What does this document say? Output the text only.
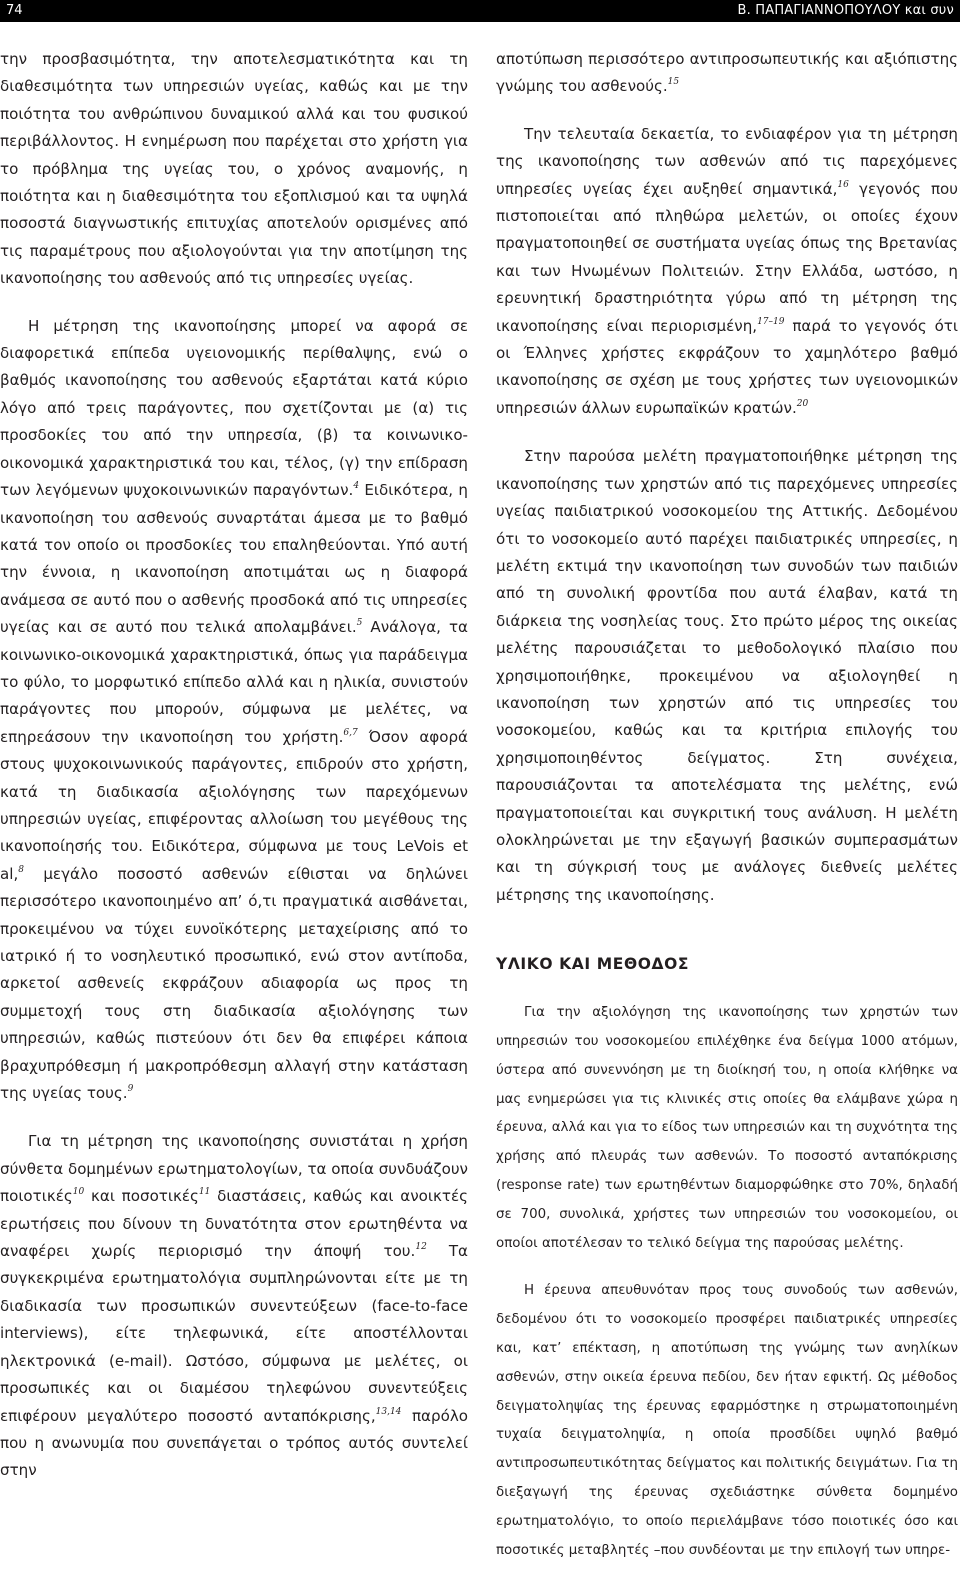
74	Β. ΠΑΠΑΓΙΑΝΝΟΠΟΥΛΟΥ και συν

την προσβασιμότητα, την αποτελεσματικότητα και τη διαθεσιμότητα των υπηρεσιών υγείας, καθώς και με την ποιότητα του ανθρώπινου δυναμικού αλλά και του φυσικού περιβάλλοντος. Η ενημέρωση που παρέχεται στο χρήστη για το πρόβλημα της υγείας του, ο χρόνος αναμονής, η ποιότητα και η διαθεσιμότητα του εξοπλισμού και τα υψηλά ποσοστά διαγνωστικής επιτυχίας αποτελούν ορισμένες από τις παραμέτρους που αξιολογούνται για την αποτίμηση της ικανοποίησης του ασθενούς από τις υπηρεσίες υγείας.

Η μέτρηση της ικανοποίησης μπορεί να αφορά σε διαφορετικά επίπεδα υγειονομικής περίθαλψης, ενώ ο βαθμός ικανοποίησης του ασθενούς εξαρτάται κατά κύριο λόγο από τρεις παράγοντες, που σχετίζονται με (α) τις προσδοκίες του από την υπηρεσία, (β) τα κοινωνικο-οικονομικά χαρακτηριστικά του και, τέλος, (γ) την επίδραση των λεγόμενων ψυχοκοινωνικών παραγόντων.$^4$ Ειδικότερα, η ικανοποίηση του ασθενούς συναρτάται άμεσα με το βαθμό κατά τον οποίο οι προσδοκίες του επαληθεύονται. Υπό αυτή την έννοια, η ικανοποίηση αποτιμάται ως η διαφορά ανάμεσα σε αυτό που ο ασθενής προσδοκά από τις υπηρεσίες υγείας και σε αυτό που τελικά απολαμβάνει.$^5$ Ανάλογα, τα κοινωνικο-οικονομικά χαρακτηριστικά, όπως για παράδειγμα το φύλο, το μορφωτικό επίπεδο αλλά και η ηλικία, συνιστούν παράγοντες που μπορούν, σύμφωνα με μελέτες, να επηρεάσουν την ικανοποίηση του χρήστη.$^{6,7}$ Όσον αφορά στους ψυχοκοινωνικούς παράγοντες, επιδρούν στο χρήστη, κατά τη διαδικασία αξιολόγησης των παρεχόμενων υπηρεσιών υγείας, επιφέροντας αλλοίωση του μεγέθους της ικανοποίησής του. Ειδικότερα, σύμφωνα με τους LeVois et al,$^8$ μεγάλο ποσοστό ασθενών είθισται να δηλώνει περισσότερο ικανοποιημένο απ’ ό,τι πραγματικά αισθάνεται, προκειμένου να τύχει ευνοϊκότερης μεταχείρισης από το ιατρικό ή το νοσηλευτικό προσωπικό, ενώ στον αντίποδα, αρκετοί ασθενείς εκφράζουν αδιαφορία ως προς τη συμμετοχή τους στη διαδικασία αξιολόγησης των υπηρεσιών, καθώς πιστεύουν ότι δεν θα επιφέρει κάποια βραχυπρόθεσμη ή μακροπρόθεσμη αλλαγή στην κατάσταση της υγείας τους.$^9$

Για τη μέτρηση της ικανοποίησης συνιστάται η χρήση σύνθετα δομημένων ερωτηματολογίων, τα οποία συνδυάζουν ποιοτικές$^{10}$ και ποσοτικές$^{11}$ διαστάσεις, καθώς και ανοικτές ερωτήσεις που δίνουν τη δυνατότητα στον ερωτηθέντα να αναφέρει χωρίς περιορισμό την άποψή του.$^{12}$ Τα συγκεκριμένα ερωτηματολόγια συμπληρώνονται είτε με τη διαδικασία των προσωπικών συνεντεύξεων (face-to-face interviews), είτε τηλεφωνικά, είτε αποστέλλονται ηλεκτρονικά (e-mail). Ωστόσο, σύμφωνα με μελέτες, οι προσωπικές και οι διαμέσου τηλεφώνου συνεντεύξεις επιφέρουν μεγαλύτερο ποσοστό ανταπόκρισης,$^{13,14}$ παρόλο που η ανωνυμία που συνεπάγεται ο τρόπος αυτός συντελεί στην

αποτύπωση περισσότερο αντιπροσωπευτικής και αξιόπιστης γνώμης του ασθενούς.$^{15}$

Την τελευταία δεκαετία, το ενδιαφέρον για τη μέτρηση της ικανοποίησης των ασθενών από τις παρεχόμενες υπηρεσίες υγείας έχει αυξηθεί σημαντικά,$^{16}$ γεγονός που πιστοποιείται από πληθώρα μελετών, οι οποίες έχουν πραγματοποιηθεί σε συστήματα υγείας όπως της Βρετανίας και των Ηνωμένων Πολιτειών. Στην Ελλάδα, ωστόσο, η ερευνητική δραστηριότητα γύρω από τη μέτρηση της ικανοποίησης είναι περιορισμένη,$^{17-19}$ παρά το γεγονός ότι οι Έλληνες χρήστες εκφράζουν το χαμηλότερο βαθμό ικανοποίησης σε σχέση με τους χρήστες των υγειονομικών υπηρεσιών άλλων ευρωπαϊκών κρατών.$^{20}$

Στην παρούσα μελέτη πραγματοποιήθηκε μέτρηση της ικανοποίησης των χρηστών από τις παρεχόμενες υπηρεσίες υγείας παιδιατρικού νοσοκομείου της Αττικής. Δεδομένου ότι το νοσοκομείο αυτό παρέχει παιδιατρικές υπηρεσίες, η μελέτη εκτιμά την ικανοποίηση των συνοδών των παιδιών από τη συνολική φροντίδα που αυτά έλαβαν, κατά τη διάρκεια της νοσηλείας τους. Στο πρώτο μέρος της οικείας μελέτης παρουσιάζεται το μεθοδολογικό πλαίσιο που χρησιμοποιήθηκε, προκειμένου να αξιολογηθεί η ικανοποίηση των χρηστών από τις υπηρεσίες του νοσοκομείου, καθώς και τα κριτήρια επιλογής του χρησιμοποιηθέντος δείγματος. Στη συνέχεια, παρουσιάζονται τα αποτελέσματα της μελέτης, ενώ πραγματοποιείται και συγκριτική τους ανάλυση. Η μελέτη ολοκληρώνεται με την εξαγωγή βασικών συμπερασμάτων και τη σύγκρισή τους με ανάλογες διεθνείς μελέτες μέτρησης της ικανοποίησης.

ΥΛΙΚΟ ΚΑΙ ΜΕΘΟΔΟΣ

Για την αξιολόγηση της ικανοποίησης των χρηστών των υπηρεσιών του νοσοκομείου επιλέχθηκε ένα δείγμα 1000 ατόμων, ύστερα από συνεννόηση με τη διοίκησή του, η οποία κλήθηκε να μας ενημερώσει για τις κλινικές στις οποίες θα ελάμβανε χώρα η έρευνα, αλλά και για το είδος των υπηρεσιών και τη συχνότητα της χρήσης από πλευράς των ασθενών. Το ποσοστό ανταπόκρισης (response rate) των ερωτηθέντων διαμορφώθηκε στο 70%, δηλαδή σε 700, συνολικά, χρήστες των υπηρεσιών του νοσοκομείου, οι οποίοι αποτέλεσαν το τελικό δείγμα της παρούσας μελέτης.

Η έρευνα απευθυνόταν προς τους συνοδούς των ασθενών, δεδομένου ότι το νοσοκομείο προσφέρει παιδιατρικές υπηρεσίες και, κατ’ επέκταση, η αποτύπωση της γνώμης των ανηλίκων ασθενών, στην οικεία έρευνα πεδίου, δεν ήταν εφικτή. Ως μέθοδος δειγματοληψίας της έρευνας εφαρμόστηκε η στρωματοποιημένη τυχαία δειγματοληψία, η οποία προσδίδει υψηλό βαθμό αντιπροσωπευτικότητας δείγματος και πολιτικής δειγμάτων. Για τη διεξαγωγή της έρευνας σχεδιάστηκε σύνθετα δομημένο ερωτηματολόγιο, το οποίο περιελάμβανε τόσο ποιοτικές όσο και ποσοτικές μεταβλητές –που συνδέονται με την επιλογή των υπηρε-
